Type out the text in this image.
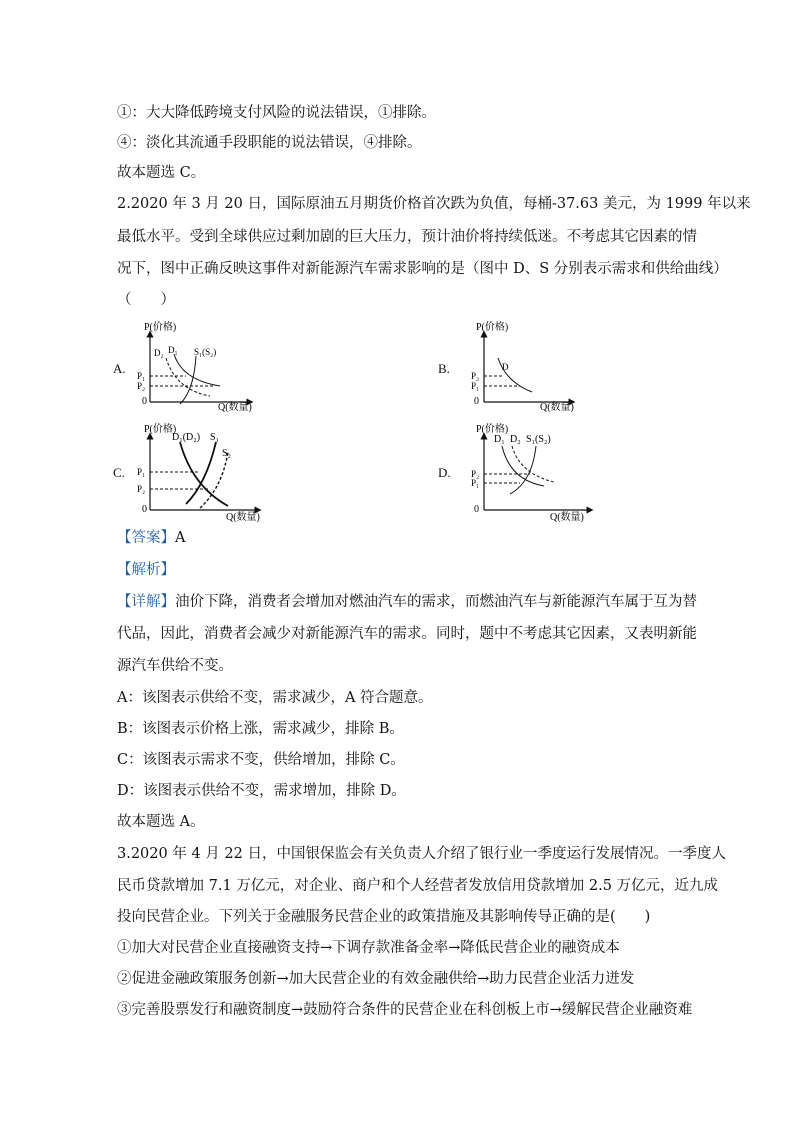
①：大大降低跨境支付风险的说法错误，①排除。
④：淡化其流通手段职能的说法错误，④排除。
故本题选 C。
2.2020 年 3 月 20 日，国际原油五月期货价格首次跌为负值，每桶-37.63 美元，为 1999 年以来
最低水平。受到全球供应过剩加剧的巨大压力，预计油价将持续低迷。不考虑其它因素的情
况下，图中正确反映这事件对新能源汽车需求影响的是（图中 D、S 分别表示需求和供给曲线）
（　　）
A.
P(价格)
Q(数量)
0
P₁
P₂
D₂ D₁ S₁(S₂)
B.
P(价格)
Q(数量)
0
P₂
P₁
D
C.
P(价格)
Q(数量)
0
P₁
P₂
D₁(D₂) S₁
S₂
D.
P(价格)
Q(数量)
0
P₂
P₁
D₁ D₂ S₁(S₂)
【答案】A
【解析】
【详解】油价下降，消费者会增加对燃油汽车的需求，而燃油汽车与新能源汽车属于互为替
代品，因此，消费者会减少对新能源汽车的需求。同时，题中不考虑其它因素，又表明新能
源汽车供给不变。
A：该图表示供给不变，需求减少，A 符合题意。
B：该图表示价格上涨，需求减少，排除 B。
C：该图表示需求不变，供给增加，排除 C。
D：该图表示供给不变，需求增加，排除 D。
故本题选 A。
3.2020 年 4 月 22 日，中国银保监会有关负责人介绍了银行业一季度运行发展情况。一季度人
民币贷款增加 7.1 万亿元，对企业、商户和个人经营者发放信用贷款增加 2.5 万亿元，近九成
投向民营企业。下列关于金融服务民营企业的政策措施及其影响传导正确的是(　　)
①加大对民营企业直接融资支持→下调存款准备金率→降低民营企业的融资成本
②促进金融政策服务创新→加大民营企业的有效金融供给→助力民营企业活力迸发
③完善股票发行和融资制度→鼓励符合条件的民营企业在科创板上市→缓解民营企业融资难
